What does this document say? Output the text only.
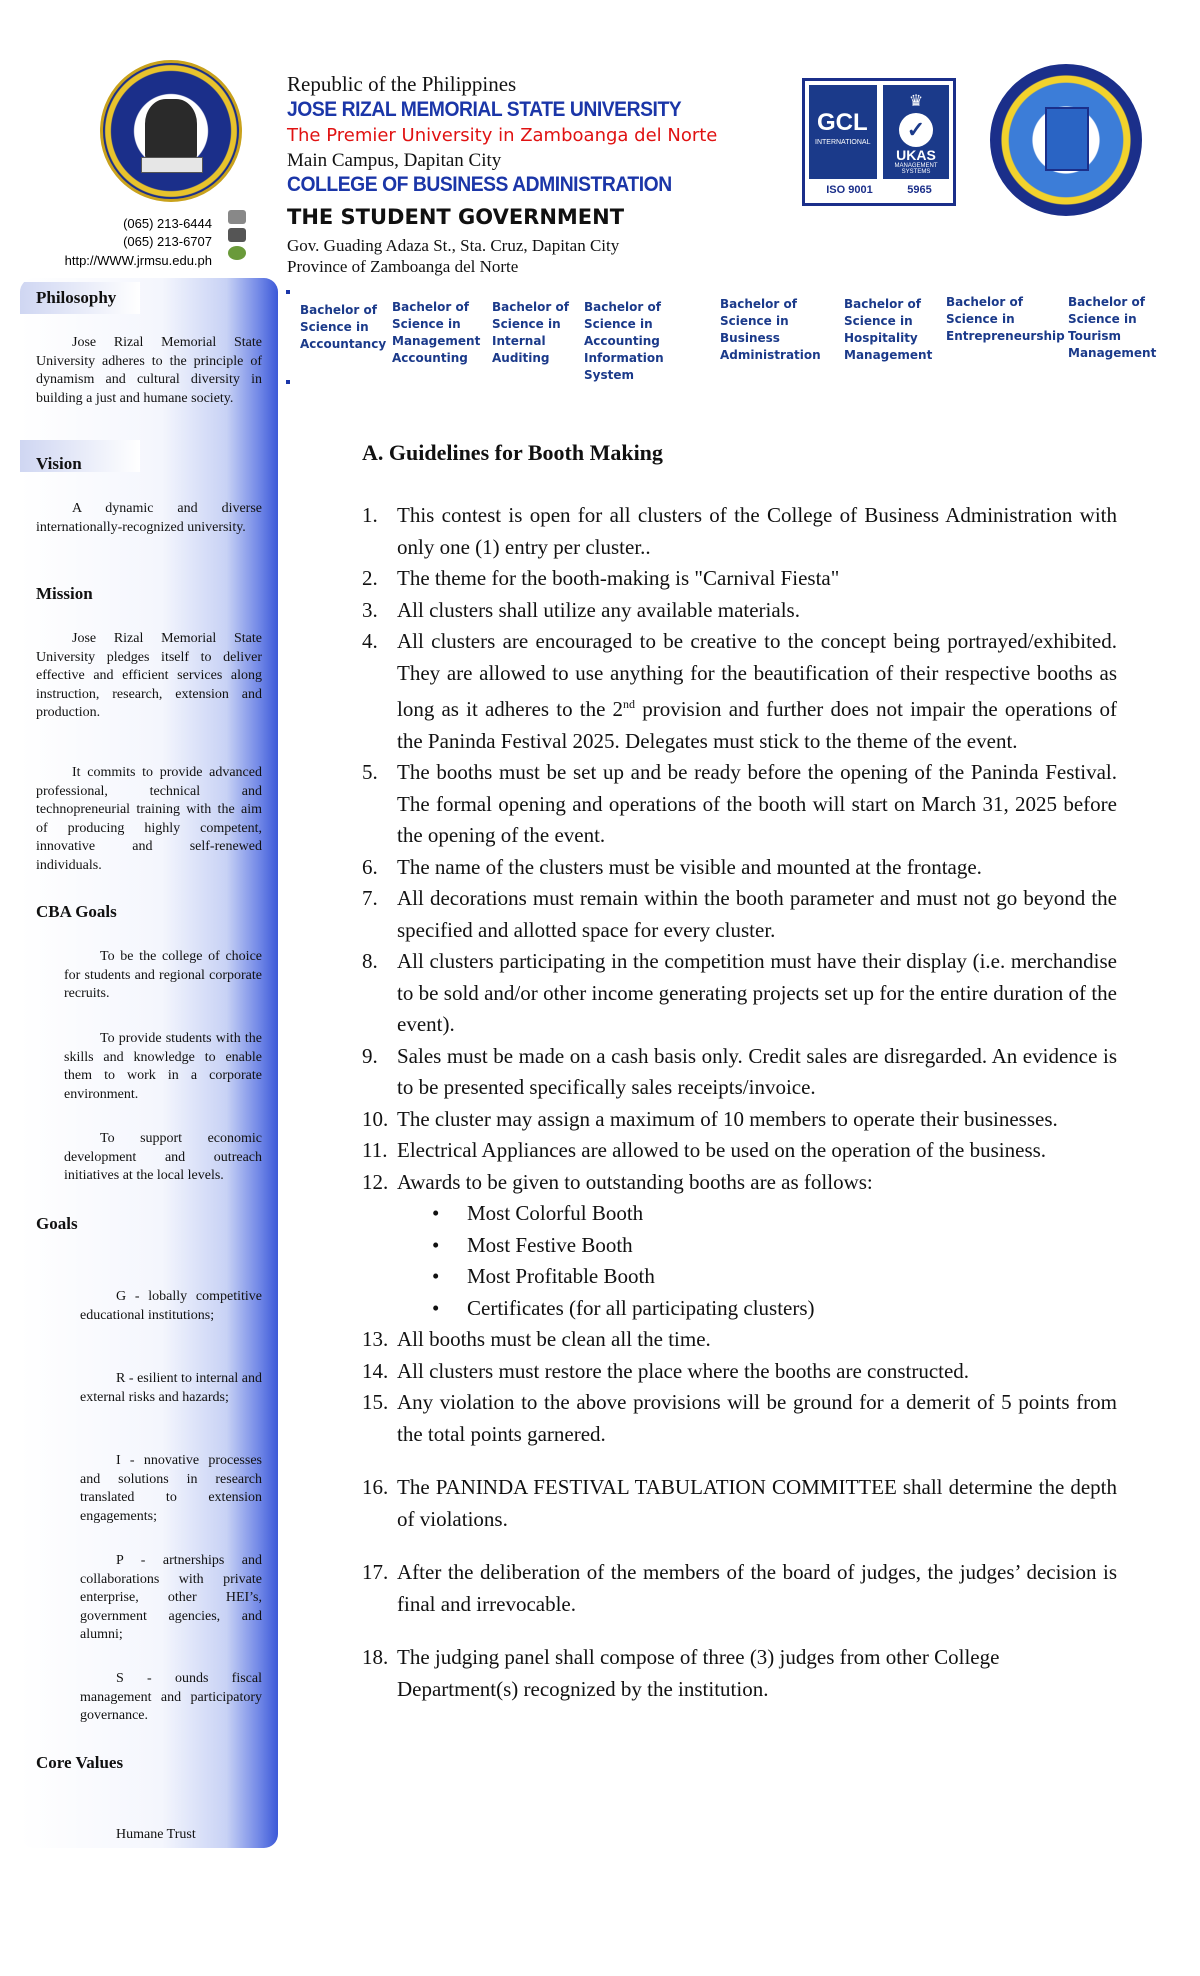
(065) 213-6444
(065) 213-6707
http://WWW.jrmsu.edu.ph
Republic of the Philippines
JOSE RIZAL MEMORIAL STATE UNIVERSITY
The Premier University in Zamboanga del Norte
Main Campus, Dapitan City
COLLEGE OF BUSINESS ADMINISTRATION
THE STUDENT GOVERNMENT
Gov. Guading Adaza St., Sta. Cruz, Dapitan City
Province of Zamboanga del Norte
GCL
INTERNATIONAL
♛
✓
UKAS
MANAGEMENT SYSTEMS
ISO 9001	5965
Bachelor of Science in Accountancy
Bachelor of Science in Management Accounting
Bachelor of Science in Internal Auditing
Bachelor of Science in Accounting Information System
Bachelor of Science in Business Administration
Bachelor of Science in Hospitality Management
Bachelor of Science in Entrepreneurship
Bachelor of Science in Tourism Management
Philosophy
Jose Rizal Memorial State University adheres to the principle of dynamism and cultural diversity in building a just and humane society.
Vision
A dynamic and diverse internationally-recognized university.
Mission
Jose Rizal Memorial State University pledges itself to deliver effective and efficient services along instruction, research, extension and production.
It commits to provide advanced professional, technical and technopreneurial training with the aim of producing highly competent, innovative and self-renewed individuals.
CBA Goals
To be the college of choice for students and regional corporate recruits.
To provide students with the skills and knowledge to enable them to work in a corporate environment.
To support economic development and outreach initiatives at the local levels.
Goals
G - lobally competitive educational institutions;
R - esilient to internal and external risks and hazards;
I - nnovative processes and solutions in research translated to extension engagements;
P - artnerships and collaborations with private enterprise, other HEI’s, government agencies, and alumni;
S - ounds fiscal management and participatory governance.
Core Values
Humane Trust
A. Guidelines for Booth Making
This contest is open for all clusters of the College of Business Administration with only one (1) entry per cluster..
The theme for the booth-making is "Carnival Fiesta"
All clusters shall utilize any available materials.
All clusters are encouraged to be creative to the concept being portrayed/exhibited. They are allowed to use anything for the beautification of their respective booths as long as it adheres to the 2nd provision and further does not impair the operations of the Paninda Festival 2025. Delegates must stick to the theme of the event.
The booths must be set up and be ready before the opening of the Paninda Festival. The formal opening and operations of the booth will start on March 31, 2025 before the opening of the event.
The name of the clusters must be visible and mounted at the frontage.
All decorations must remain within the booth parameter and must not go beyond the specified and allotted space for every cluster.
All clusters participating in the competition must have their display (i.e. merchandise to be sold and/or other income generating projects set up for the entire duration of the event).
Sales must be made on a cash basis only. Credit sales are disregarded. An evidence is to be presented specifically sales receipts/invoice.
The cluster may assign a maximum of 10 members to operate their businesses.
Electrical Appliances are allowed to be used on the operation of the business.
Awards to be given to outstanding booths are as follows:
• Most Colorful Booth
• Most Festive Booth
• Most Profitable Booth
• Certificates (for all participating clusters)
All booths must be clean all the time.
All clusters must restore the place where the booths are constructed.
Any violation to the above provisions will be ground for a demerit of 5 points from the total points garnered.
The PANINDA FESTIVAL TABULATION COMMITTEE shall determine the depth of violations.
After the deliberation of the members of the board of judges, the judges’ decision is final and irrevocable.
The judging panel shall compose of three (3) judges from other College Department(s) recognized by the institution.
